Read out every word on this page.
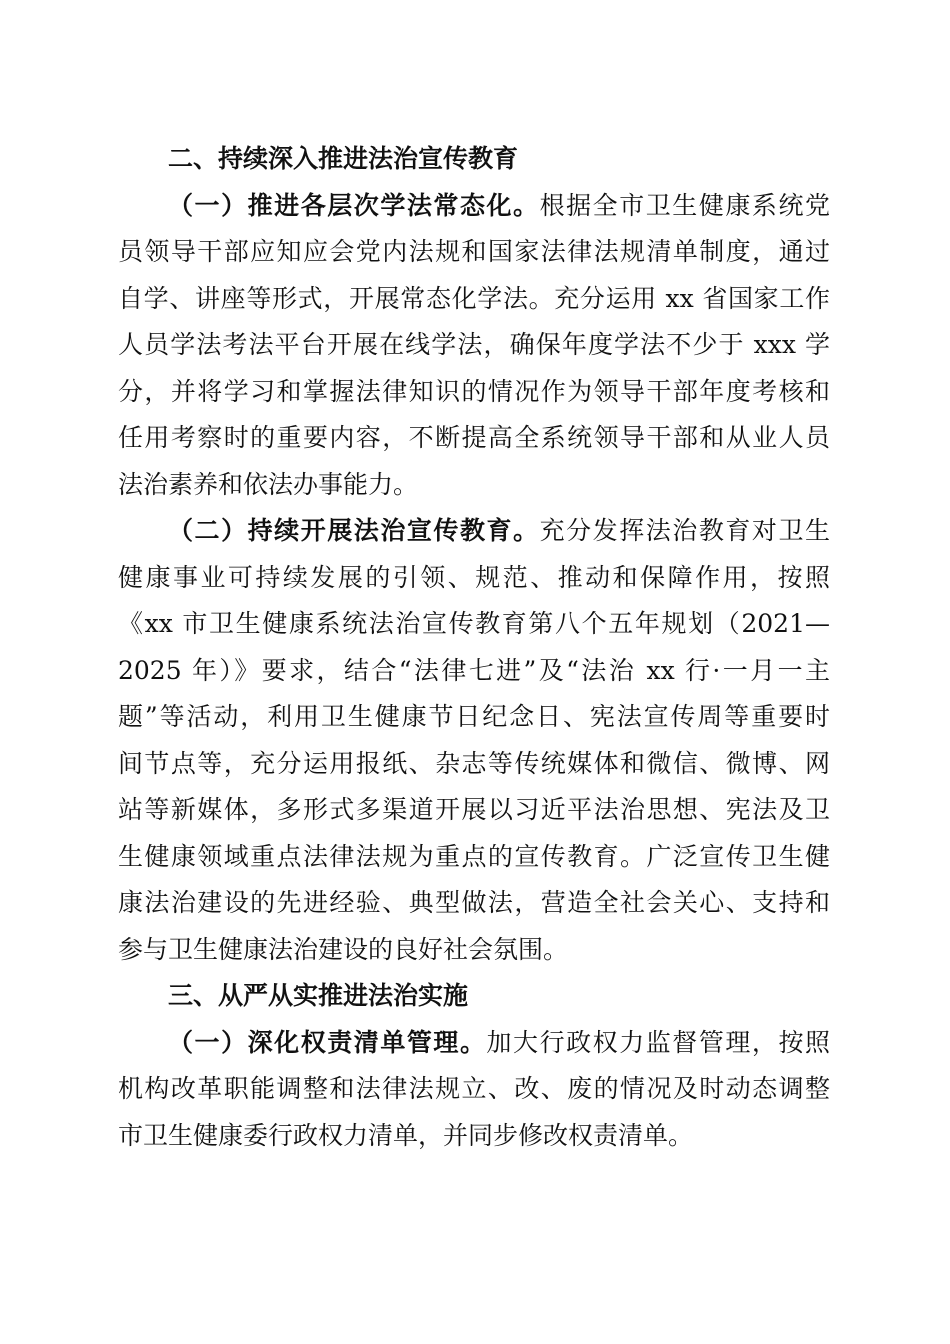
二、持续深入推进法治宣传教育
（一）推进各层次学法常态化。根据全市卫生健康系统党
员领导干部应知应会党内法规和国家法律法规清单制度，通过
自学、讲座等形式，开展常态化学法。充分运用 xx 省国家工作
人员学法考法平台开展在线学法，确保年度学法不少于 xxx 学
分，并将学习和掌握法律知识的情况作为领导干部年度考核和
任用考察时的重要内容，不断提高全系统领导干部和从业人员
法治素养和依法办事能力。
（二）持续开展法治宣传教育。充分发挥法治教育对卫生
健康事业可持续发展的引领、规范、推动和保障作用，按照
《xx 市卫生健康系统法治宣传教育第八个五年规划（2021—
2025 年）》要求，结合“法律七进”及“法治 xx 行·一月一主
题”等活动，利用卫生健康节日纪念日、宪法宣传周等重要时
间节点等，充分运用报纸、杂志等传统媒体和微信、微博、网
站等新媒体，多形式多渠道开展以习近平法治思想、宪法及卫
生健康领域重点法律法规为重点的宣传教育。广泛宣传卫生健
康法治建设的先进经验、典型做法，营造全社会关心、支持和
参与卫生健康法治建设的良好社会氛围。
三、从严从实推进法治实施
（一）深化权责清单管理。加大行政权力监督管理，按照
机构改革职能调整和法律法规立、改、废的情况及时动态调整
市卫生健康委行政权力清单，并同步修改权责清单。
